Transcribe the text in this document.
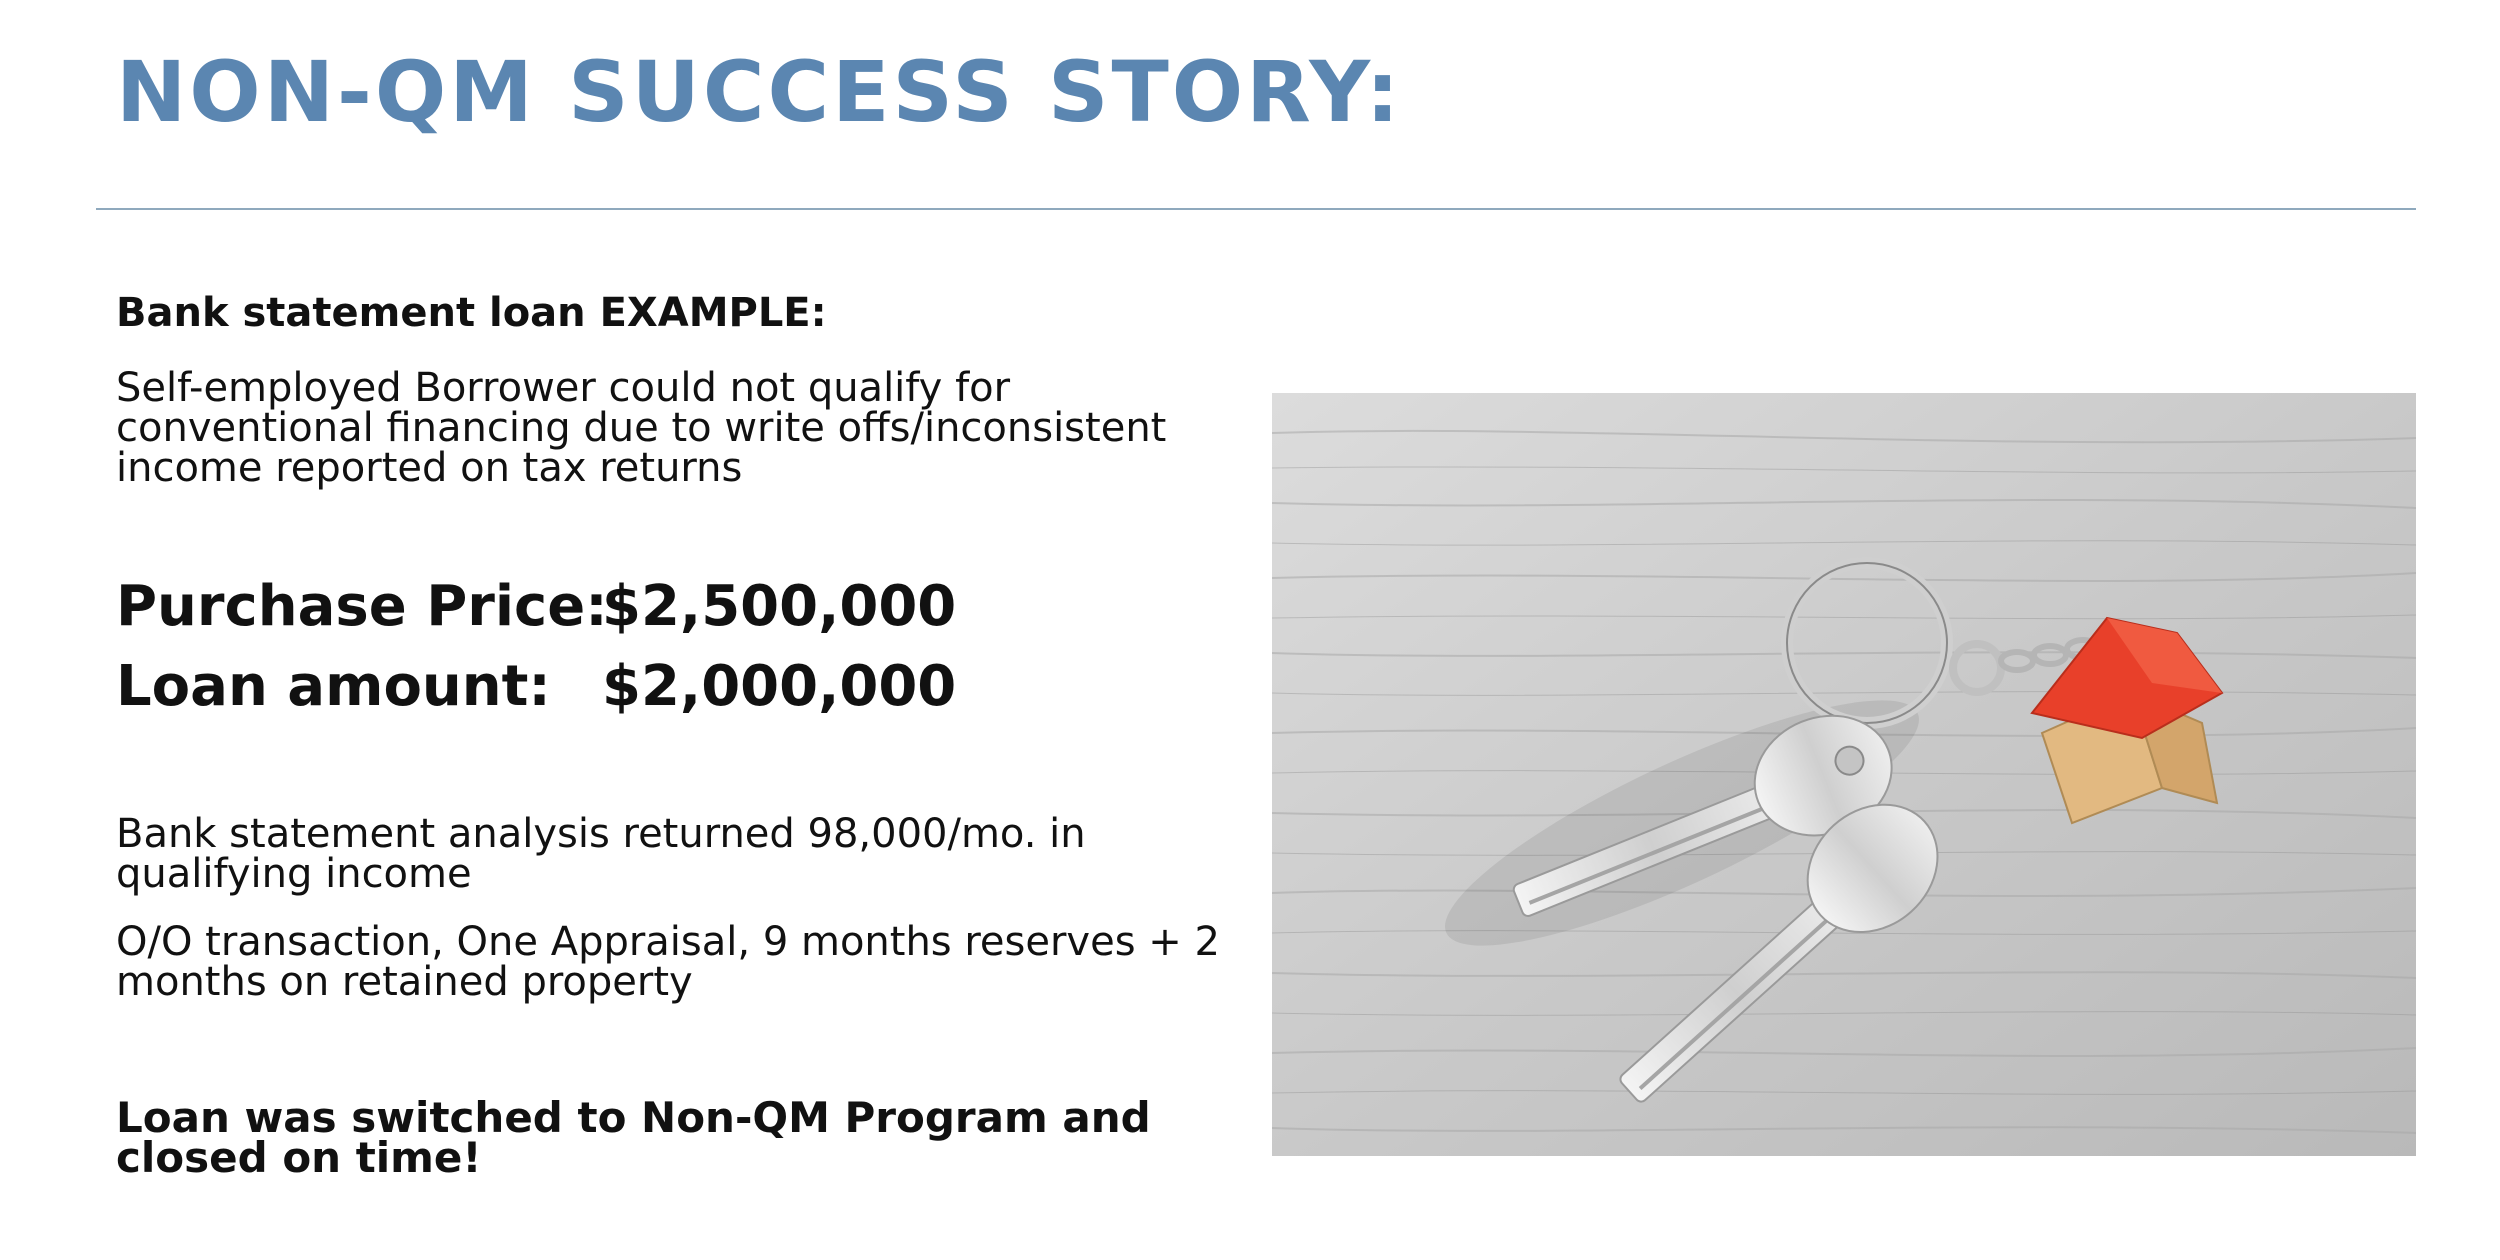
NON-QM SUCCESS STORY:

Bank statement loan EXAMPLE:

Self-employed Borrower could not qualify for conventional financing due to write offs/inconsistent income reported on tax returns

Purchase Price:$2,500,000

Loan amount: $2,000,000

Bank statement analysis returned 98,000/mo. in qualifying income

O/O transaction, One Appraisal, 9 months reserves + 2 months on retained property

Loan was switched to Non-QM Program and closed on time!
